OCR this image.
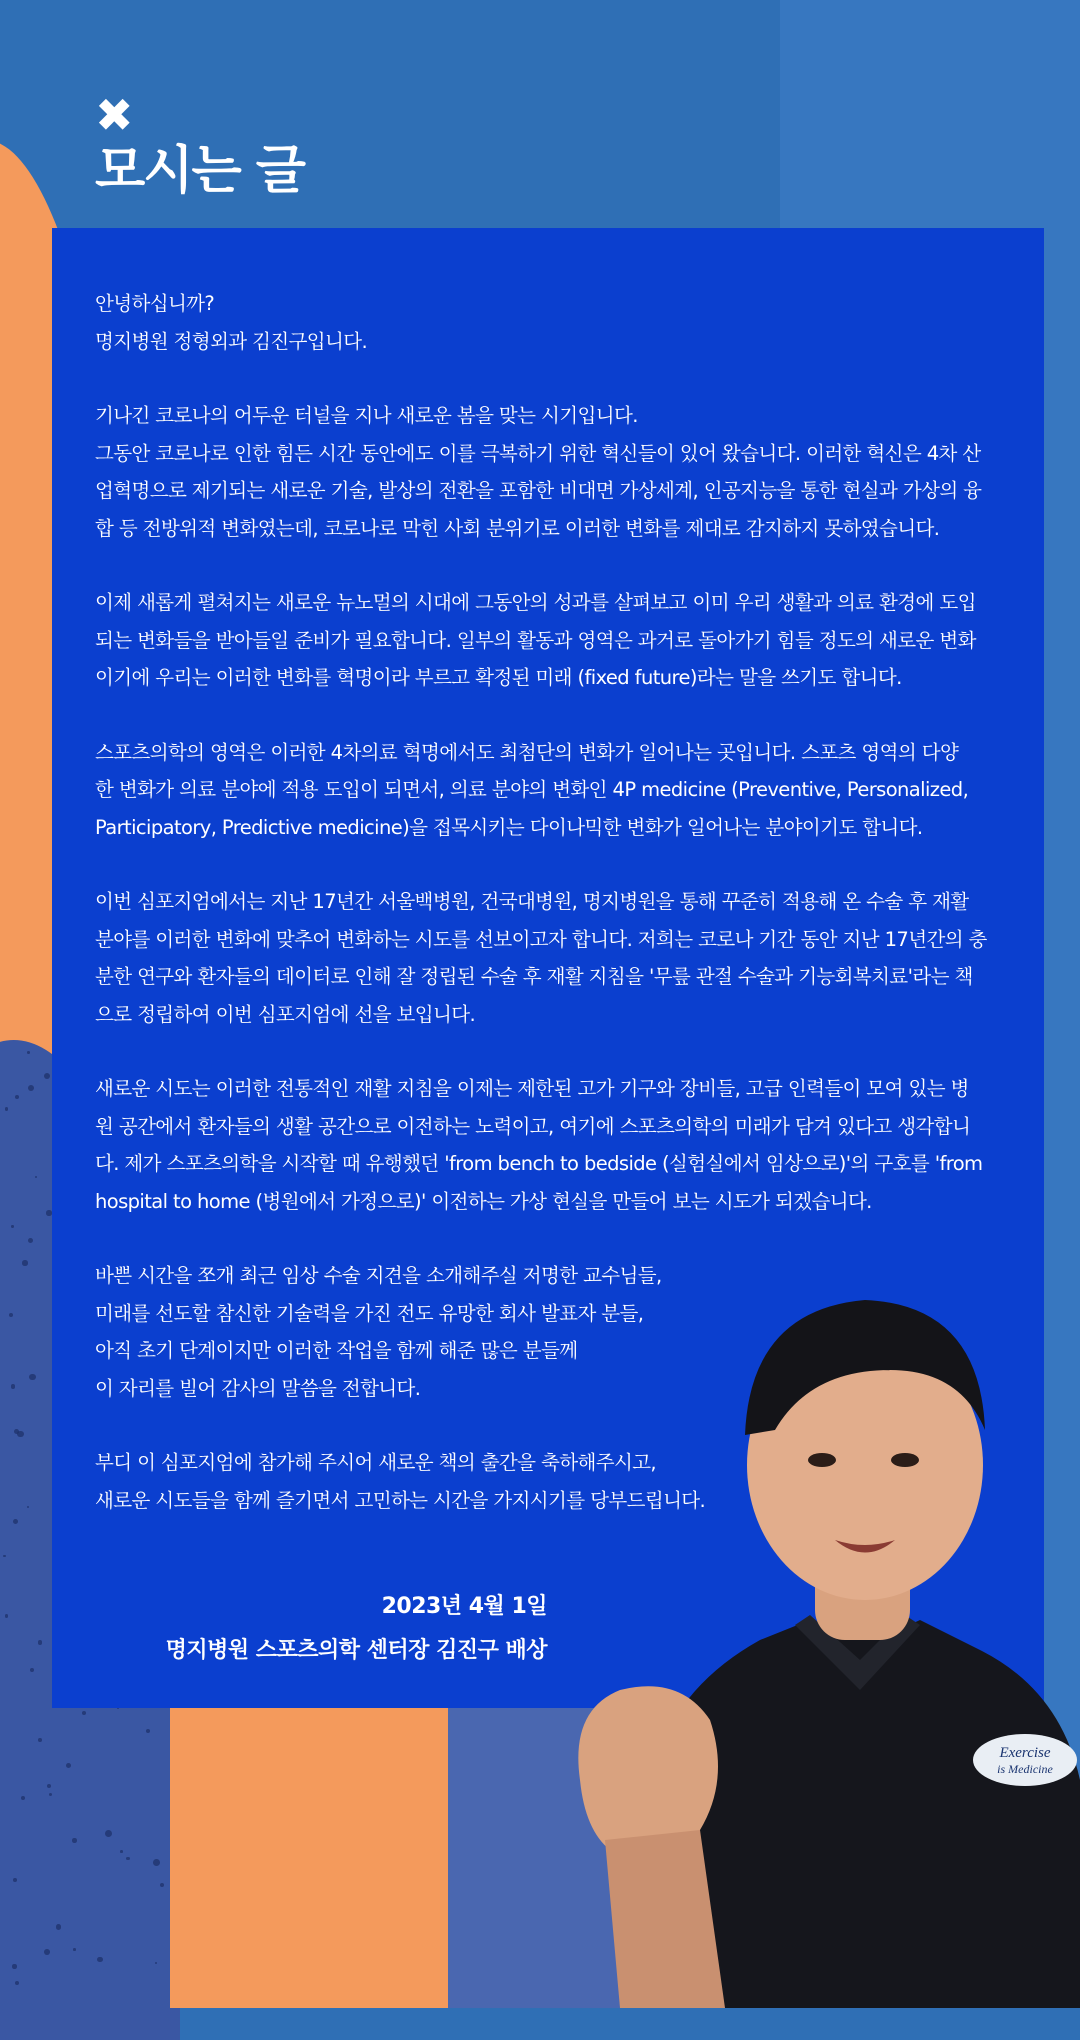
✖
모시는 글
안녕하십니까?
명지병원 정형외과 김진구입니다.
기나긴 코로나의 어두운 터널을 지나 새로운 봄을 맞는 시기입니다.
그동안 코로나로 인한 힘든 시간 동안에도 이를 극복하기 위한 혁신들이 있어 왔습니다. 이러한 혁신은 4차 산
업혁명으로 제기되는 새로운 기술, 발상의 전환을 포함한 비대면 가상세계, 인공지능을 통한 현실과 가상의 융
합 등 전방위적 변화였는데, 코로나로 막힌 사회 분위기로 이러한 변화를 제대로 감지하지 못하였습니다.
이제 새롭게 펼쳐지는 새로운 뉴노멀의 시대에 그동안의 성과를 살펴보고 이미 우리 생활과 의료 환경에 도입
되는 변화들을 받아들일 준비가 필요합니다. 일부의 활동과 영역은 과거로 돌아가기 힘들 정도의 새로운 변화
이기에 우리는 이러한 변화를 혁명이라 부르고 확정된 미래 (fixed future)라는 말을 쓰기도 합니다.
스포츠의학의 영역은 이러한 4차의료 혁명에서도 최첨단의 변화가 일어나는 곳입니다. 스포츠 영역의 다양
한 변화가 의료 분야에 적용 도입이 되면서, 의료 분야의 변화인 4P medicine (Preventive, Personalized,
Participatory, Predictive medicine)을 접목시키는 다이나믹한 변화가 일어나는 분야이기도 합니다.
이번 심포지엄에서는 지난 17년간 서울백병원, 건국대병원, 명지병원을 통해 꾸준히 적용해 온 수술 후 재활
분야를 이러한 변화에 맞추어 변화하는 시도를 선보이고자 합니다. 저희는 코로나 기간 동안 지난 17년간의 충
분한 연구와 환자들의 데이터로 인해 잘 정립된 수술 후 재활 지침을 '무릎 관절 수술과 기능회복치료'라는 책
으로 정립하여 이번 심포지엄에 선을 보입니다.
새로운 시도는 이러한 전통적인 재활 지침을 이제는 제한된 고가 기구와 장비들, 고급 인력들이 모여 있는 병
원 공간에서 환자들의 생활 공간으로 이전하는 노력이고, 여기에 스포츠의학의 미래가 담겨 있다고 생각합니
다. 제가 스포츠의학을 시작할 때 유행했던 'from bench to bedside (실험실에서 임상으로)'의 구호를 'from
hospital to home (병원에서 가정으로)' 이전하는 가상 현실을 만들어 보는 시도가 되겠습니다.
바쁜 시간을 쪼개 최근 임상 수술 지견을 소개해주실 저명한 교수님들,
미래를 선도할 참신한 기술력을 가진 전도 유망한 회사 발표자 분들,
아직 초기 단계이지만 이러한 작업을 함께 해준 많은 분들께
이 자리를 빌어 감사의 말씀을 전합니다.
부디 이 심포지엄에 참가해 주시어 새로운 책의 출간을 축하해주시고,
새로운 시도들을 함께 즐기면서 고민하는 시간을 가지시기를 당부드립니다.
2023년 4월 1일
명지병원 스포츠의학 센터장 김진구 배상
Exercise
is Medicine
